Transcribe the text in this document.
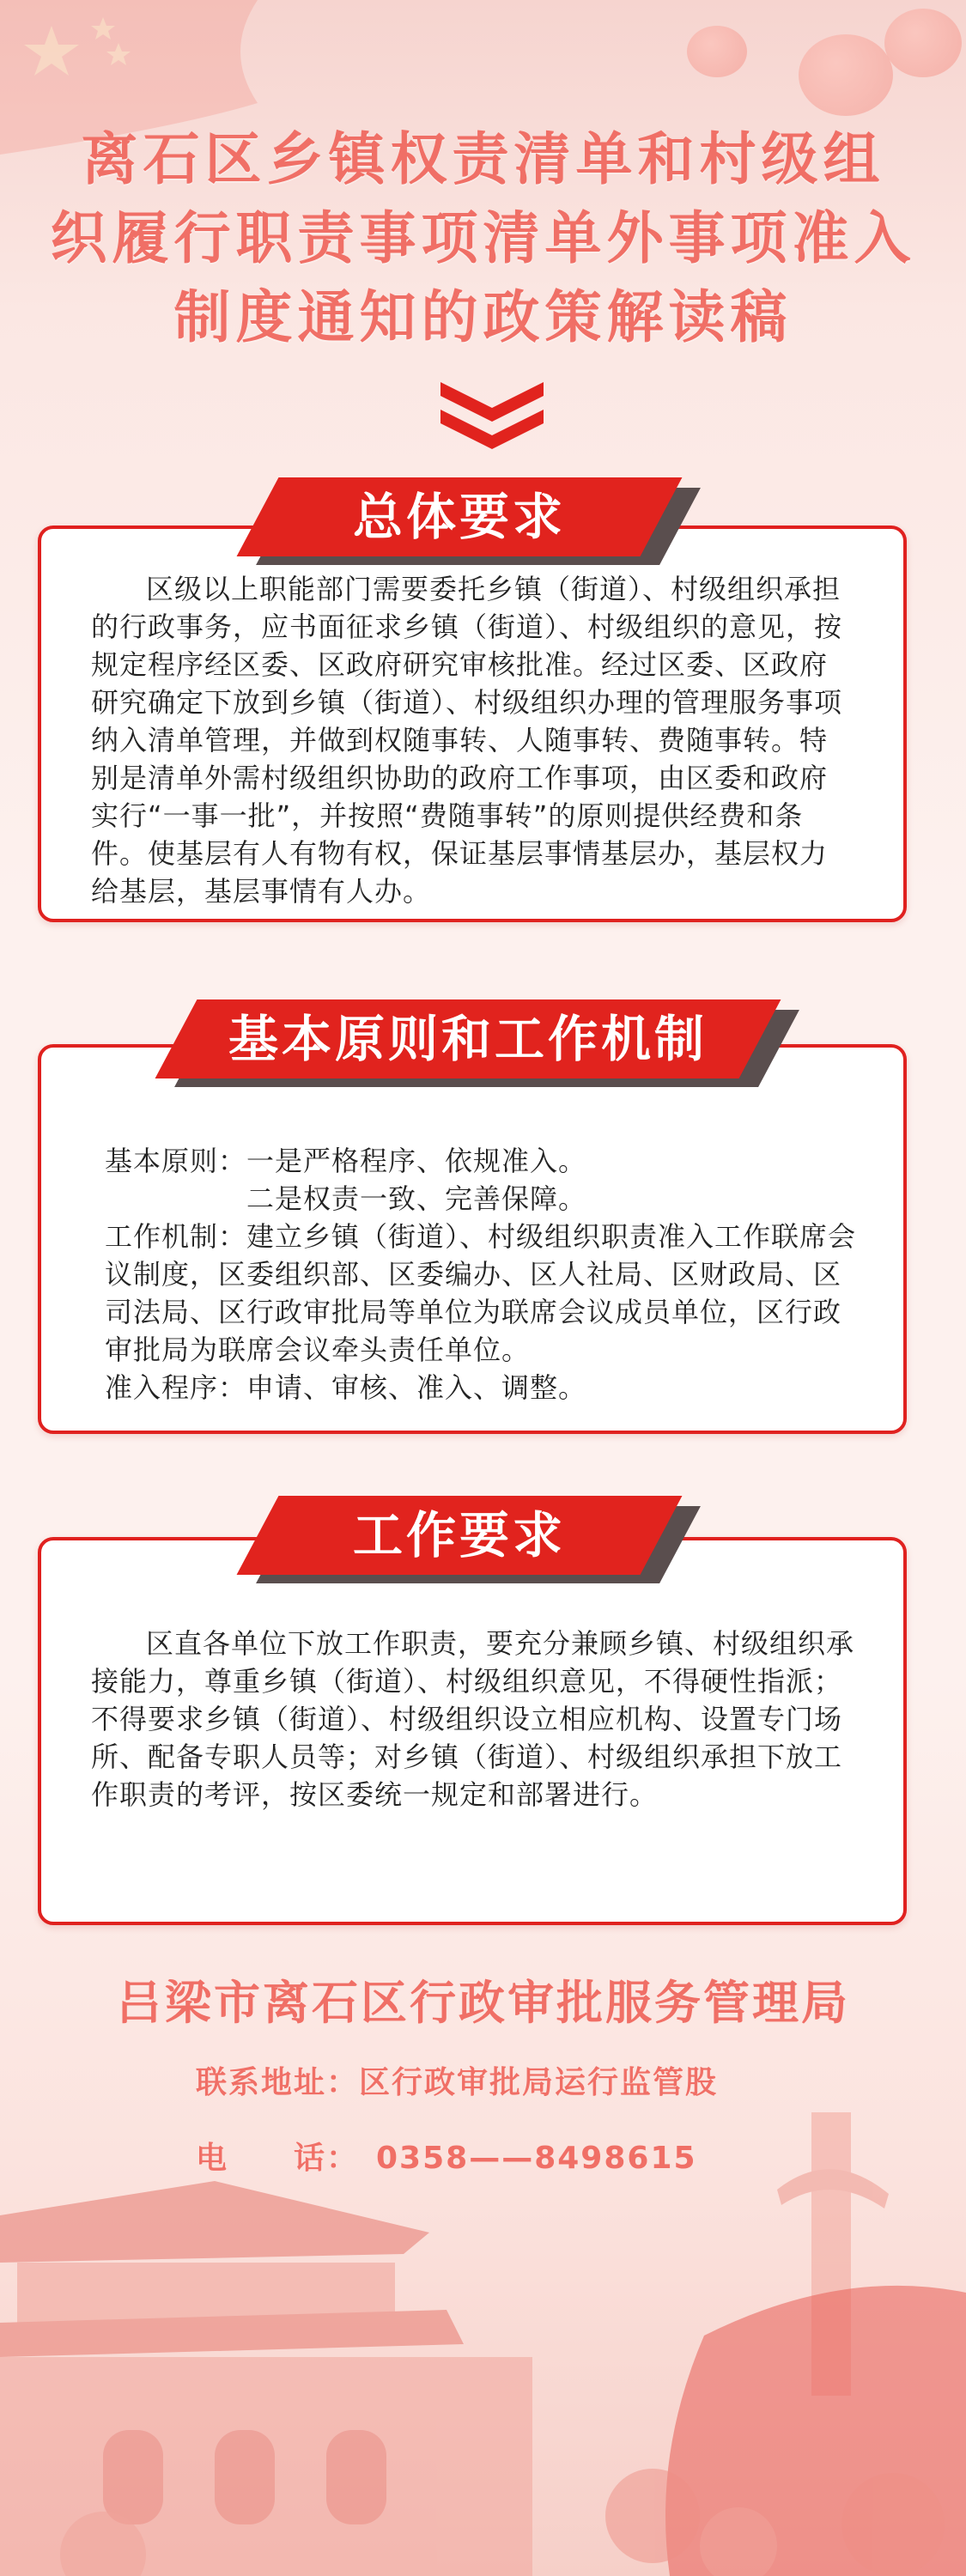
离石区乡镇权责清单和村级组
织履行职责事项清单外事项准入
制度通知的政策解读稿
总体要求

区级以上职能部门需要委托乡镇（街道）、村级组织承担的行政事务，应书面征求乡镇（街道）、村级组织的意见，按规定程序经区委、区政府研究审核批准。经过区委、区政府研究确定下放到乡镇（街道）、村级组织办理的管理服务事项纳入清单管理，并做到权随事转、人随事转、费随事转。特别是清单外需村级组织协助的政府工作事项，由区委和政府实行“一事一批”，并按照“费随事转”的原则提供经费和条件。使基层有人有物有权，保证基层事情基层办，基层权力给基层，基层事情有人办。

基本原则和工作机制

基本原则：一是严格程序、依规准入。

　　　　　二是权责一致、完善保障。

工作机制：建立乡镇（街道）、村级组织职责准入工作联席会议制度，区委组织部、区委编办、区人社局、区财政局、区司法局、区行政审批局等单位为联席会议成员单位，区行政审批局为联席会议牵头责任单位。

准入程序：申请、审核、准入、调整。

工作要求

区直各单位下放工作职责，要充分兼顾乡镇、村级组织承接能力，尊重乡镇（街道）、村级组织意见，不得硬性指派；不得要求乡镇（街道）、村级组织设立相应机构、设置专门场所、配备专职人员等；对乡镇（街道）、村级组织承担下放工作职责的考评，按区委统一规定和部署进行。

吕梁市离石区行政审批服务管理局
联系地址：区行政审批局运行监管股
电　　话：　0358——8498615
